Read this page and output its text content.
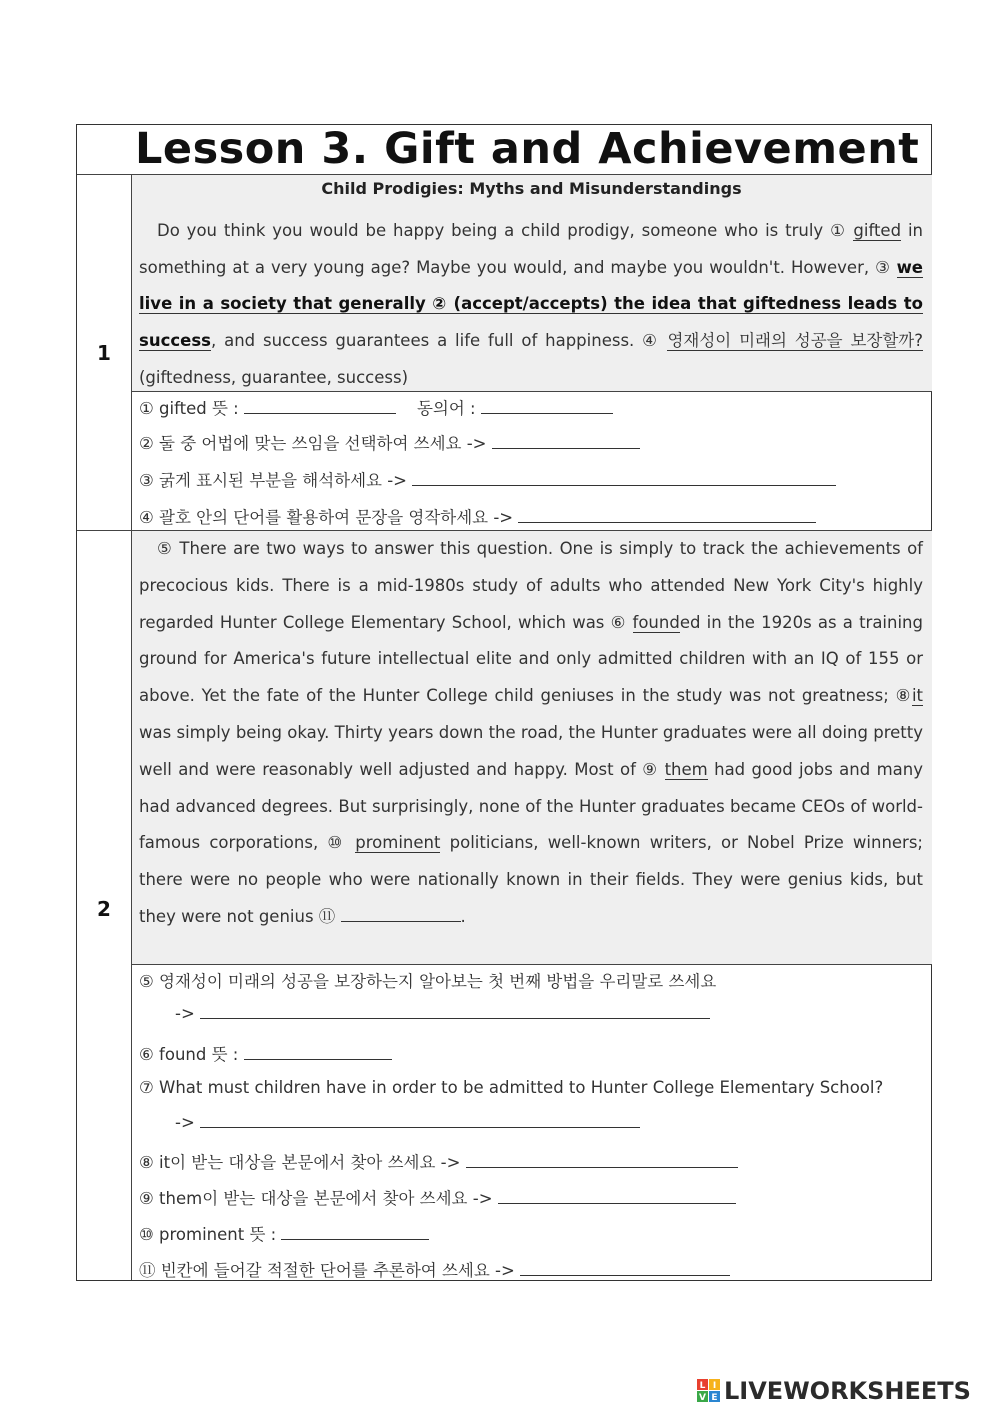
Lesson 3. Gift and Achievement
1
2
Child Prodigies: Myths and Misunderstandings

Do you think you would be happy being a child prodigy, someone who is truly ① gifted in something at a very young age? Maybe you would, and maybe you wouldn't. However, ③ we live in a society that generally ② (accept/accepts) the idea that giftedness leads to success, and success guarantees a life full of happiness. ④ 영재성이 미래의 성공을 보장할까? (giftedness, guarantee, success)

① gifted 뜻 :	동의어 :
② 둘 중 어법에 맞는 쓰임을 선택하여 쓰세요 ->
③ 굵게 표시된 부분을 해석하세요 ->
④ 괄호 안의 단어를 활용하여 문장을 영작하세요 ->

⑤ There are two ways to answer this question. One is simply to track the achievements of precocious kids. There is a mid-1980s study of adults who attended New York City's highly regarded Hunter College Elementary School, which was ⑥ founded in the 1920s as a training ground for America's future intellectual elite and only admitted children with an IQ of 155 or above. Yet the fate of the Hunter College child geniuses in the study was not greatness; ⑧it was simply being okay. Thirty years down the road, the Hunter graduates were all doing pretty well and were reasonably well adjusted and happy. Most of ⑨ them had good jobs and many had advanced degrees. But surprisingly, none of the Hunter graduates became CEOs of world-famous corporations, ⑩ prominent politicians, well-known writers, or Nobel Prize winners; there were no people who were nationally known in their fields. They were genius kids, but they were not genius ⑪	.

⑤ 영재성이 미래의 성공을 보장하는지 알아보는 첫 번째 방법을 우리말로 쓰세요
->
⑥ found 뜻 :
⑦ What must children have in order to be admitted to Hunter College Elementary School?
->
⑧ it이 받는 대상을 본문에서 찾아 쓰세요 ->
⑨ them이 받는 대상을 본문에서 찾아 쓰세요 ->
⑩ prominent 뜻 :
⑪ 빈칸에 들어갈 적절한 단어를 추론하여 쓰세요 ->
L I
V E LIVEWORKSHEETS
